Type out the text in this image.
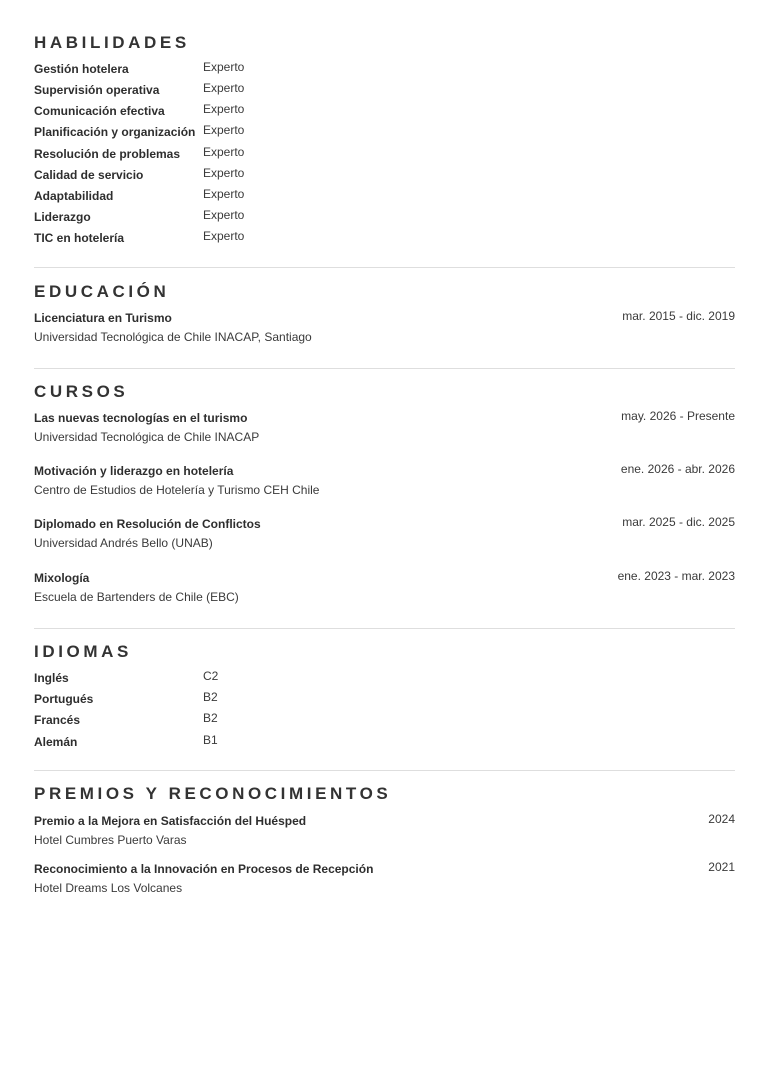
HABILIDADES
Gestión hotelera	Experto
Supervisión operativa	Experto
Comunicación efectiva	Experto
Planificación y organización Experto
Resolución de problemas Experto
Calidad de servicio	Experto
Adaptabilidad	Experto
Liderazgo	Experto
TIC en hotelería	Experto
EDUCACIÓN
Licenciatura en Turismo	mar. 2015 - dic. 2019
Universidad Tecnológica de Chile INACAP, Santiago
CURSOS
Las nuevas tecnologías en el turismo	may. 2026 - Presente
Universidad Tecnológica de Chile INACAP
Motivación y liderazgo en hotelería	ene. 2026 - abr. 2026
Centro de Estudios de Hotelería y Turismo CEH Chile
Diplomado en Resolución de Conflictos	mar. 2025 - dic. 2025
Universidad Andrés Bello (UNAB)
Mixología	ene. 2023 - mar. 2023
Escuela de Bartenders de Chile (EBC)
IDIOMAS
Inglés	C2
Portugués	B2
Francés	B2
Alemán	B1
PREMIOS Y RECONOCIMIENTOS
Premio a la Mejora en Satisfacción del Huésped	2024
Hotel Cumbres Puerto Varas
Reconocimiento a la Innovación en Procesos de Recepción	2021
Hotel Dreams Los Volcanes
